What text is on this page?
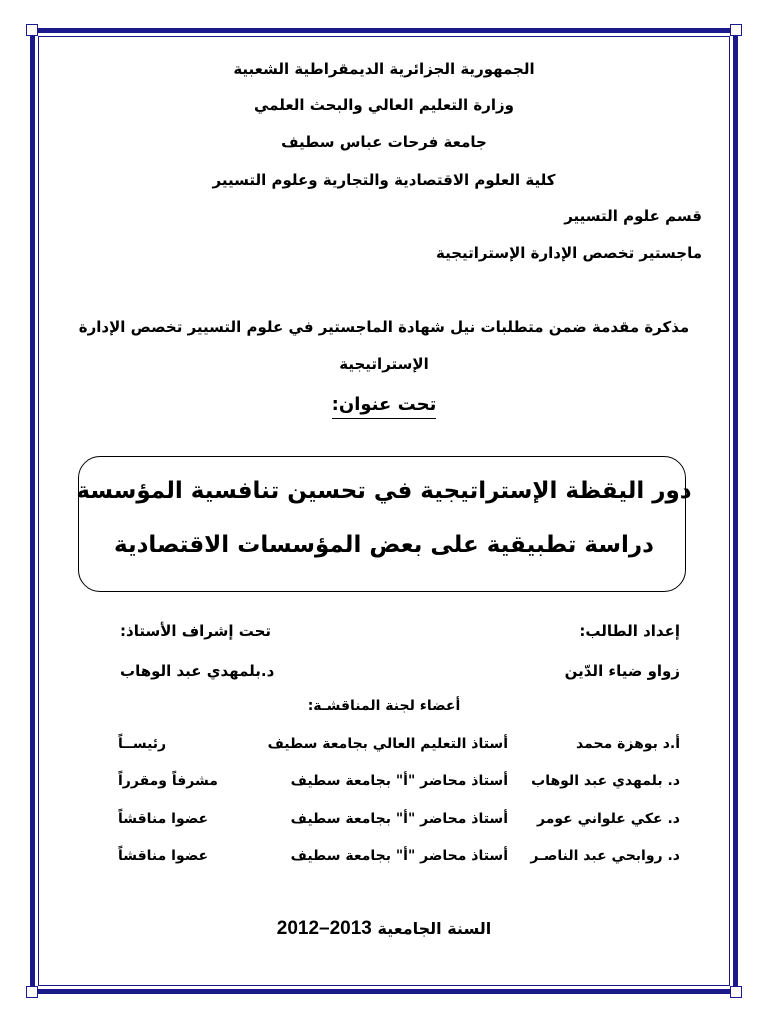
الجمهورية الجزائرية الديمقراطية الشعبية
وزارة التعليم العالي والبحث العلمي
جامعة فرحات عباس سطيف
كلية العلوم الاقتصادية والتجارية وعلوم التسيير
قسم علوم التسيير
ماجستير تخصص الإدارة الإستراتيجية
مذكرة مقدمة ضمن متطلبات نيل شهادة الماجستير في علوم التسيير تخصص الإدارة
الإستراتيجية
تحت عنوان:
دور اليقظة الإستراتيجية في تحسين تنافسية المؤسسة
دراسة تطبيقية على بعض المؤسسات الاقتصادية
إعداد الطالب:
تحت إشراف الأستاذ:
زواو ضياء الدّين
د.بلمهدي عبد الوهاب
أعضاء لجنة المناقشـة:
أ.د بوهزة محمد
أستاذ التعليم العالي بجامعة سطيف
رئيســاً
د. بلمهدي عبد الوهاب
أستاذ محاضر "أ" بجامعة سطيف
مشرفاً ومقرراً
د. عكي علواني عومر
أستاذ محاضر "أ" بجامعة سطيف
عضوا مناقشاً
د. روابحي عبد الناصـر
أستاذ محاضر "أ" بجامعة سطيف
عضوا مناقشاً
السنة الجامعية 2012–2013
